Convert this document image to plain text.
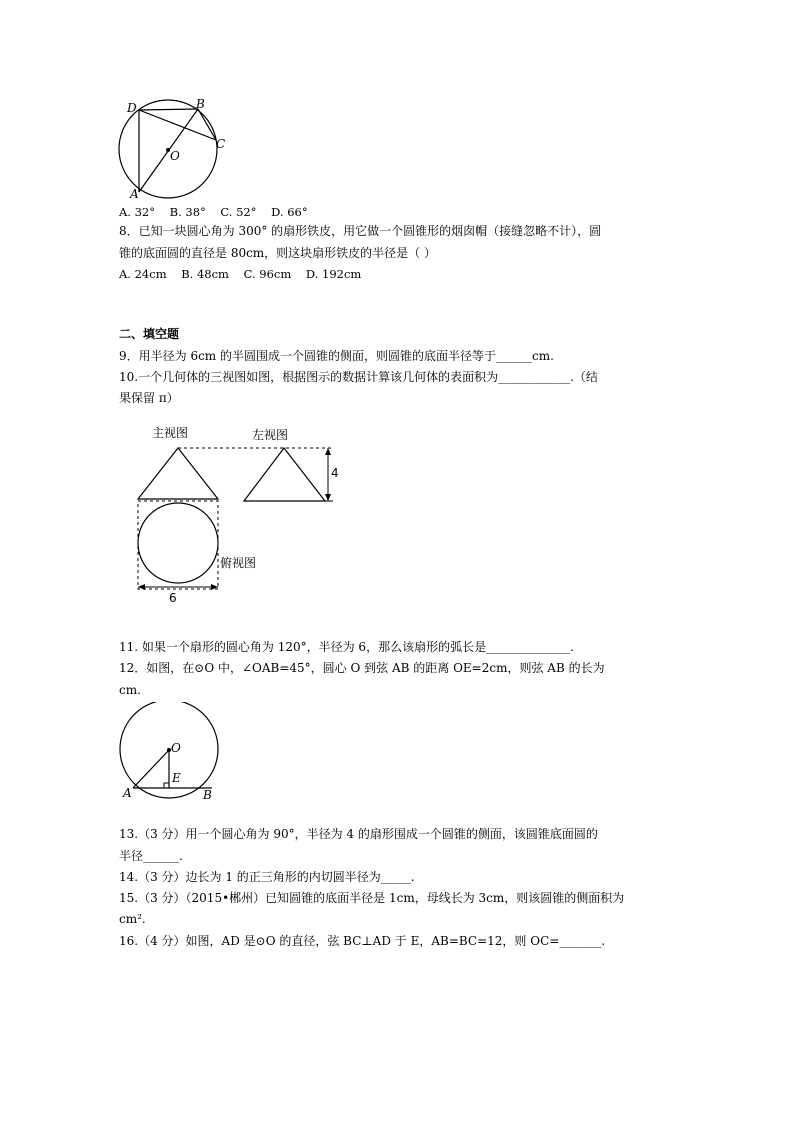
D	B
C
O
A
A. 32°    B. 38°    C. 52°    D. 66°
8．已知一块圆心角为 300° 的扇形铁皮，用它做一个圆锥形的烟囱帽（接缝忽略不计），圆
锥的底面圆的直径是 80cm，则这块扇形铁皮的半径是（ ）
A. 24cm    B. 48cm    C. 96cm    D. 192cm
二、填空题
9．用半径为 6cm 的半圆围成一个圆锥的侧面，则圆锥的底面半径等于______cm.
10.一个几何体的三视图如图，根据图示的数据计算该几何体的表面积为____________.（结
果保留 π）
4
6
主视图	左视图
俯视图
11. 如果一个扇形的圆心角为 120°，半径为 6，那么该扇形的弧长是______________.
12．如图，在⊙O 中，∠OAB=45°，圆心 O 到弦 AB 的距离 OE=2cm，则弦 AB 的长为
cm.
O
E
A	B
13.（3 分）用一个圆心角为 90°，半径为 4 的扇形围成一个圆锥的侧面，该圆锥底面圆的
半径______.
14.（3 分）边长为 1 的正三角形的内切圆半径为_____.
15.（3 分）（2015•郴州）已知圆锥的底面半径是 1cm，母线长为 3cm，则该圆锥的侧面积为
cm².
16.（4 分）如图，AD 是⊙O 的直径，弦 BC⊥AD 于 E，AB=BC=12，则 OC=_______.
